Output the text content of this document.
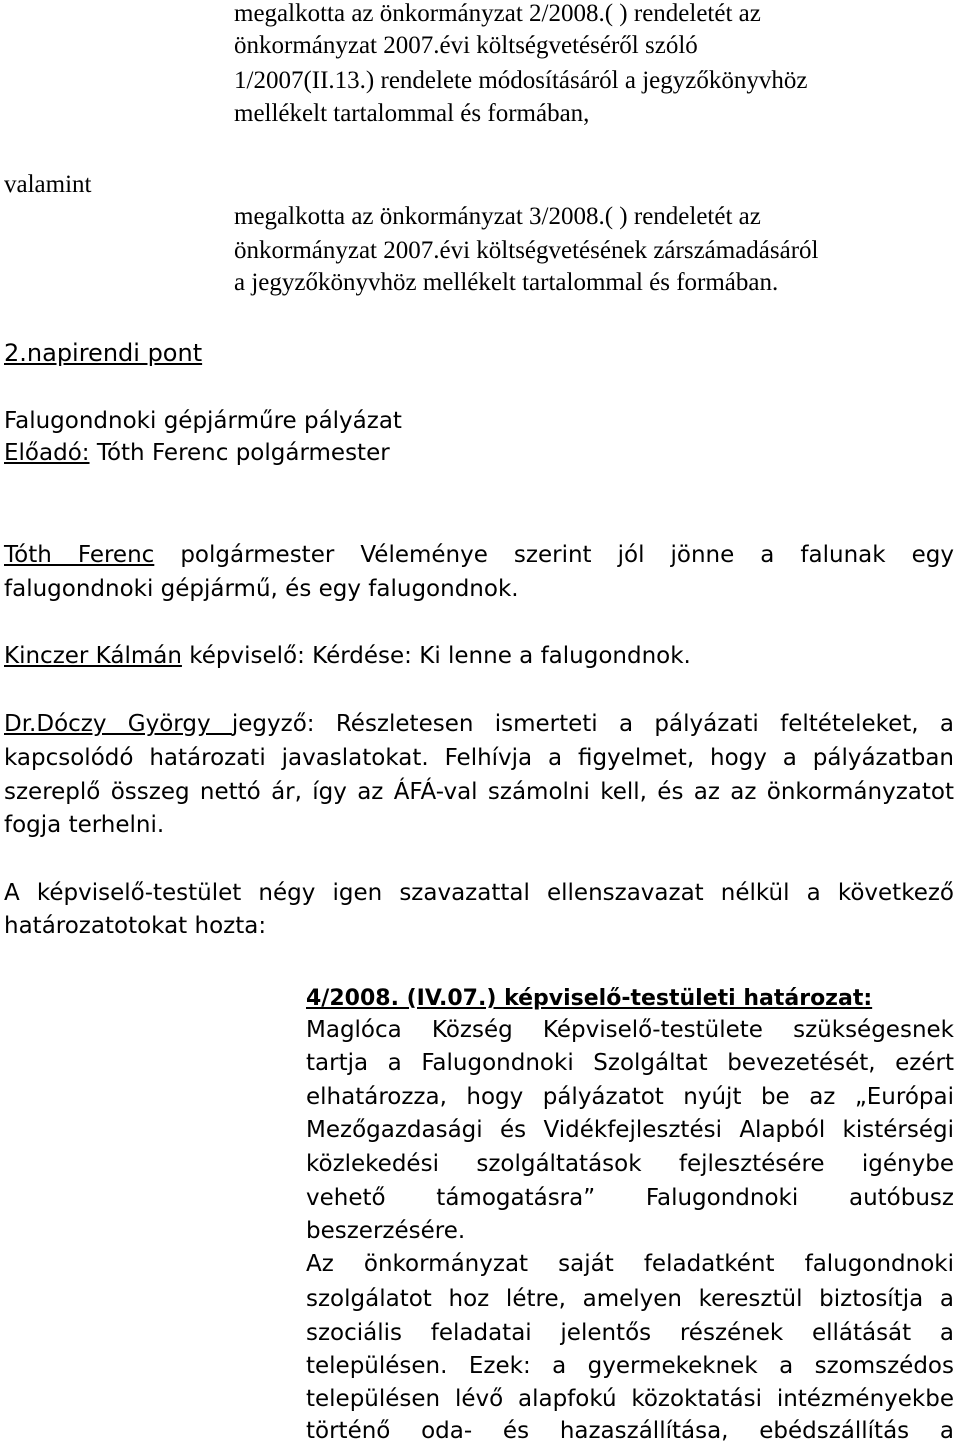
megalkotta az önkormányzat 2/2008.( ) rendeletét az
önkormányzat 2007.évi költségvetéséről szóló
1/2007(II.13.) rendelete módosításáról a jegyzőkönyvhöz
mellékelt tartalommal és formában,
valamint
megalkotta az önkormányzat 3/2008.( ) rendeletét az
önkormányzat 2007.évi költségvetésének zárszámadásáról
a jegyzőkönyvhöz mellékelt tartalommal és formában.
2.napirendi pont
Falugondnoki gépjárműre pályázat
Előadó: Tóth Ferenc polgármester
Tóth Ferenc polgármester Véleménye szerint jól jönne a falunak egy
falugondnoki gépjármű, és egy falugondnok.
Kinczer Kálmán képviselő: Kérdése: Ki lenne a falugondnok.
Dr.Dóczy György jegyző: Részletesen ismerteti a pályázati feltételeket, a
kapcsolódó határozati javaslatokat. Felhívja a figyelmet, hogy a pályázatban
szereplő összeg nettó ár, így az ÁFÁ-val számolni kell, és az az önkormányzatot
fogja terhelni.
A képviselő-testület négy igen szavazattal ellenszavazat nélkül a következő
határozatotokat hozta:
4/2008. (IV.07.) képviselő-testületi határozat:
Maglóca Község Képviselő-testülete szükségesnek
tartja a Falugondnoki Szolgáltat bevezetését, ezért
elhatározza, hogy pályázatot nyújt be az „Európai
Mezőgazdasági és Vidékfejlesztési Alapból kistérségi
közlekedési szolgáltatások fejlesztésére igénybe
vehető támogatásra” Falugondnoki autóbusz
beszerzésére.
Az önkormányzat saját feladatként falugondnoki
szolgálatot hoz létre, amelyen keresztül biztosítja a
szociális feladatai jelentős részének ellátását a
településen. Ezek: a gyermekeknek a szomszédos
településen lévő alapfokú közoktatási intézményekbe
történő oda- és hazaszállítása, ebédszállítás a
